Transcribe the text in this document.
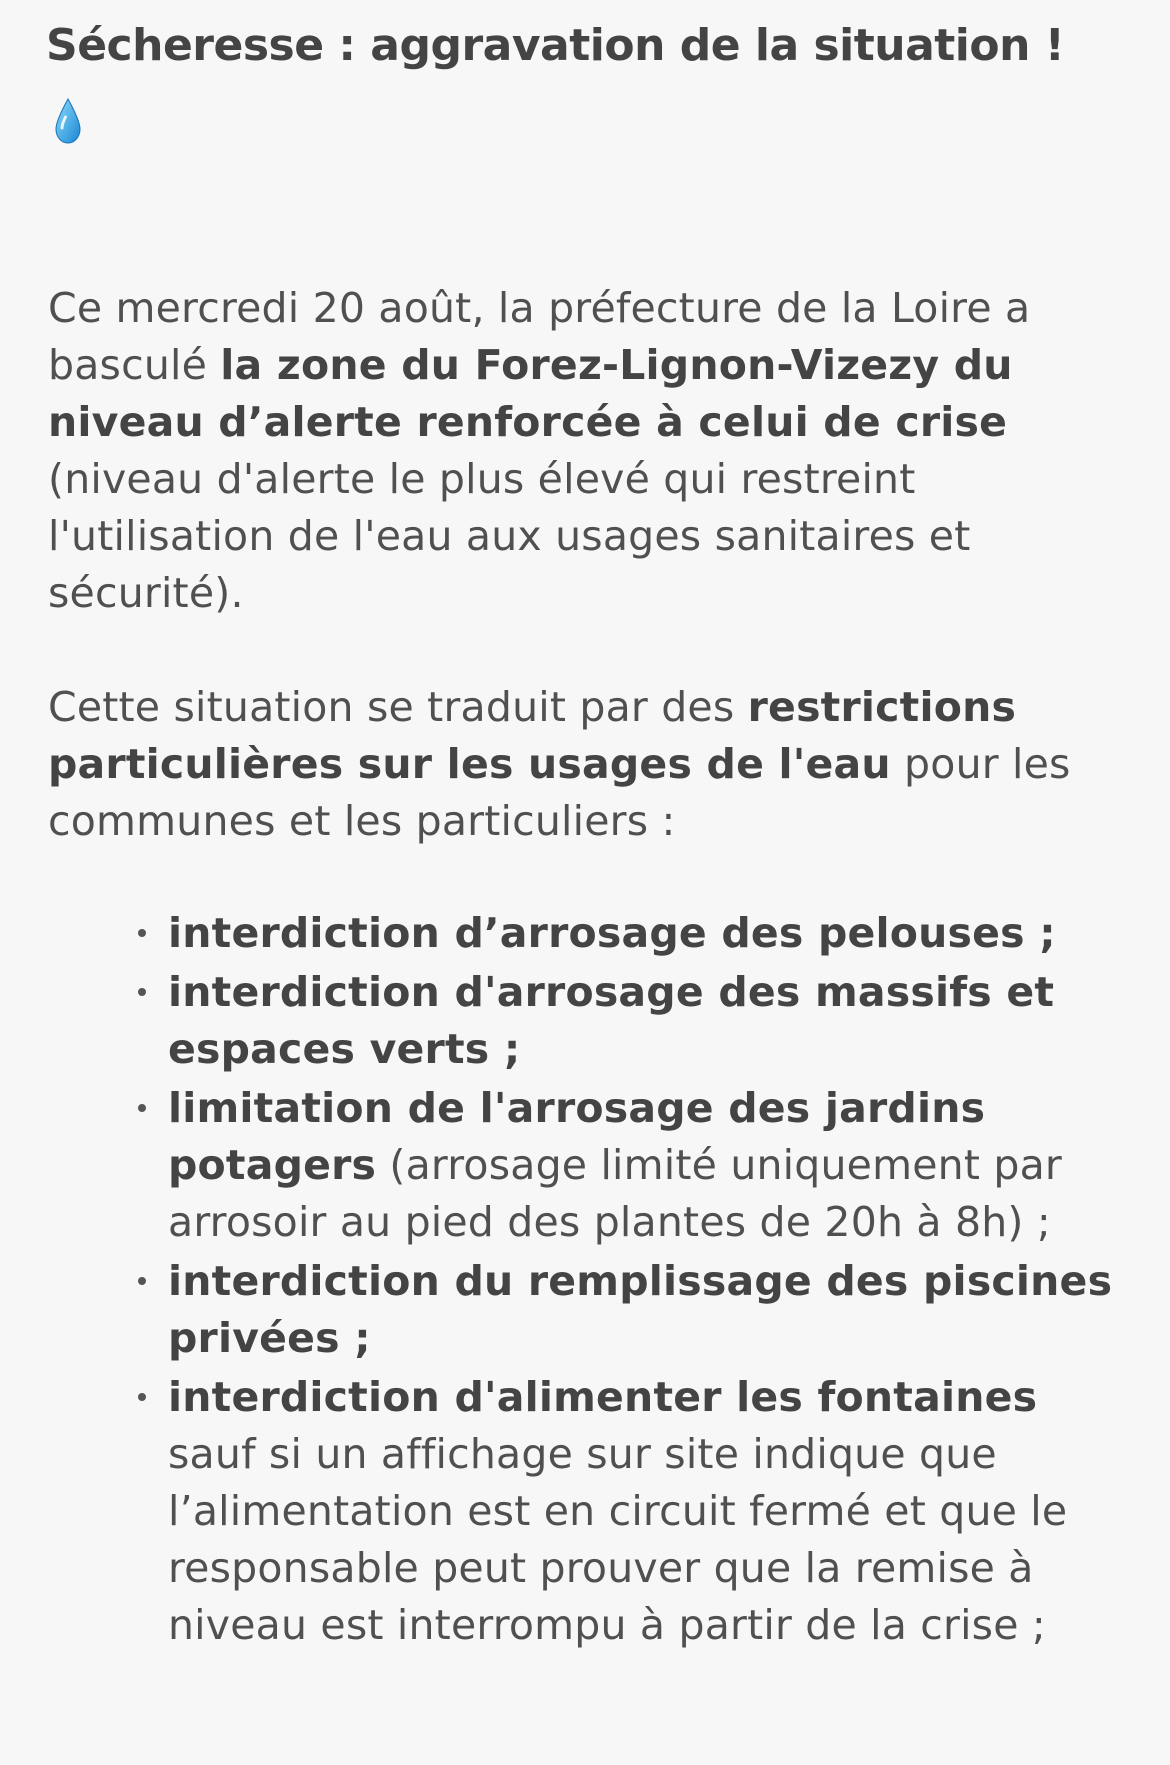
Sécheresse : aggravation de la situation !

Ce mercredi 20 août, la préfecture de la Loire a basculé la zone du Forez-Lignon-Vizezy du niveau d’alerte renforcée à celui de crise (niveau d'alerte le plus élevé qui restreint l'utilisation de l'eau aux usages sanitaires et sécurité).

Cette situation se traduit par des restrictions particulières sur les usages de l'eau pour les communes et les particuliers :

interdiction d’arrosage des pelouses ;
interdiction d'arrosage des massifs et espaces verts ;
limitation de l'arrosage des jardins potagers (arrosage limité uniquement par arrosoir au pied des plantes de 20h à 8h) ;
interdiction du remplissage des piscines privées ;
interdiction d'alimenter les fontaines sauf si un affichage sur site indique que l’alimentation est en circuit fermé et que le responsable peut prouver que la remise à niveau est interrompu à partir de la crise ;
